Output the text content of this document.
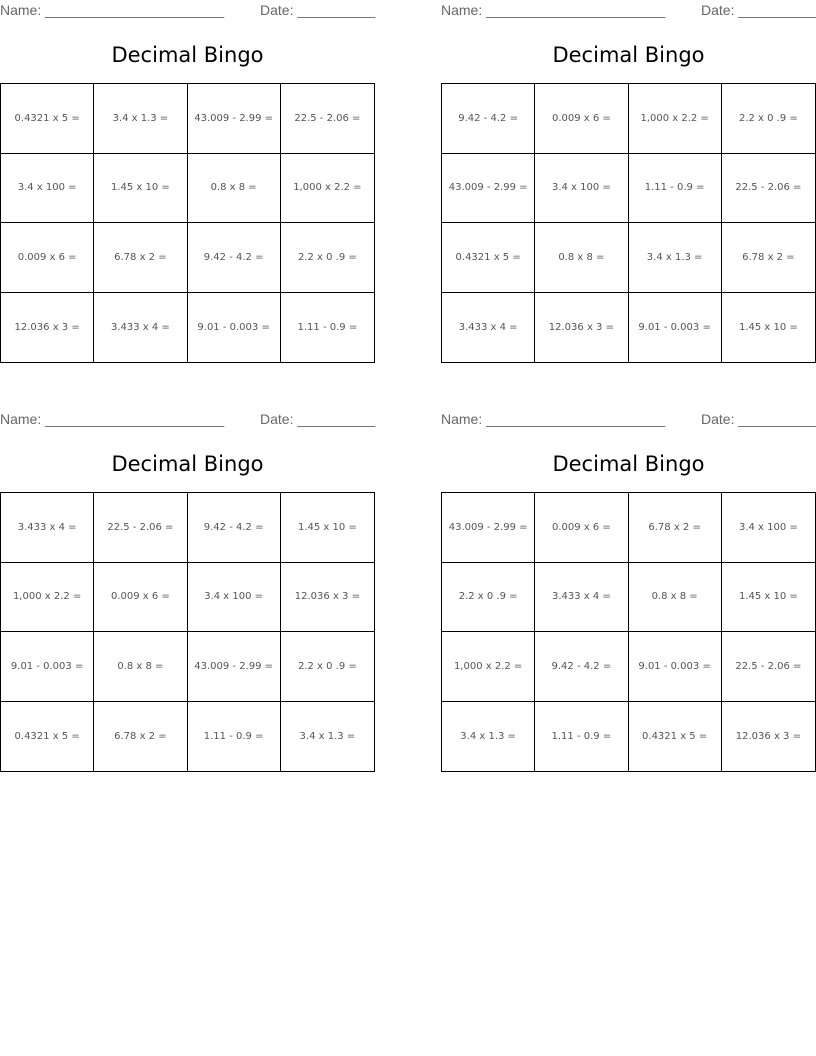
Name: _______________________	Date: __________
Decimal Bingo
0.4321 x 5 =	3.4 x 1.3 =	43.009 - 2.99 =	22.5 - 2.06 =
3.4 x 100 =	1.45 x 10 =	0.8 x 8 =	1,000 x 2.2 =
0.009 x 6 =	6.78 x 2 =	9.42 - 4.2 =	2.2 x 0 .9 =
12.036 x 3 =	3.433 x 4 =	9.01 - 0.003 =	1.11 - 0.9 =
Name: _______________________	Date: __________
Decimal Bingo
9.42 - 4.2 =	0.009 x 6 =	1,000 x 2.2 =	2.2 x 0 .9 =
43.009 - 2.99 =	3.4 x 100 =	1.11 - 0.9 =	22.5 - 2.06 =
0.4321 x 5 =	0.8 x 8 =	3.4 x 1.3 =	6.78 x 2 =
3.433 x 4 =	12.036 x 3 =	9.01 - 0.003 =	1.45 x 10 =
Name: _______________________	Date: __________
Decimal Bingo
3.433 x 4 =	22.5 - 2.06 =	9.42 - 4.2 =	1.45 x 10 =
1,000 x 2.2 =	0.009 x 6 =	3.4 x 100 =	12.036 x 3 =
9.01 - 0.003 =	0.8 x 8 =	43.009 - 2.99 =	2.2 x 0 .9 =
0.4321 x 5 =	6.78 x 2 =	1.11 - 0.9 =	3.4 x 1.3 =
Name: _______________________	Date: __________
Decimal Bingo
43.009 - 2.99 =	0.009 x 6 =	6.78 x 2 =	3.4 x 100 =
2.2 x 0 .9 =	3.433 x 4 =	0.8 x 8 =	1.45 x 10 =
1,000 x 2.2 =	9.42 - 4.2 =	9.01 - 0.003 =	22.5 - 2.06 =
3.4 x 1.3 =	1.11 - 0.9 =	0.4321 x 5 =	12.036 x 3 =
